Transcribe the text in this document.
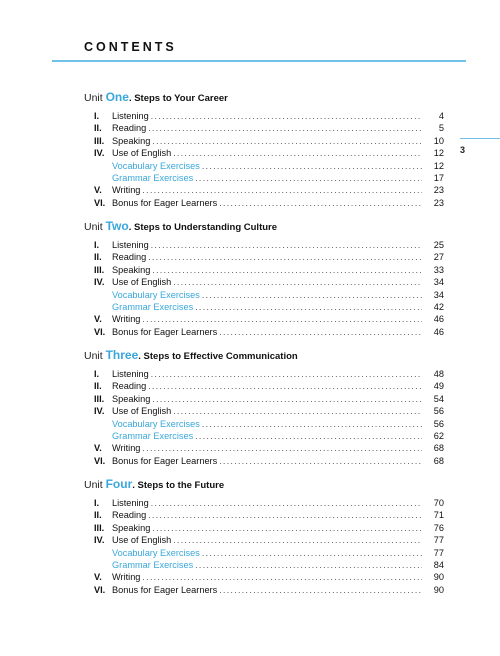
CONTENTS
3
Unit One. Steps to Your Career
I.	Listening .....	4
II.	Reading .....	5
III. Speaking .....	10
IV. Use of English .....	12
Vocabulary Exercises .....	12
Grammar Exercises .....	17
V.	Writing .....	23
VI. Bonus for Eager Learners .....	23
Unit Two. Steps to Understanding Culture
I.	Listening .....	25
II.	Reading .....	27
III. Speaking .....	33
IV. Use of English .....	34
Vocabulary Exercises .....	34
Grammar Exercises .....	42
V.	Writing .....	46
VI. Bonus for Eager Learners .....	46
Unit Three. Steps to Effective Communication
I.	Listening .....	48
II.	Reading .....	49
III. Speaking .....	54
IV. Use of English .....	56
Vocabulary Exercises .....	56
Grammar Exercises .....	62
V.	Writing .....	68
VI. Bonus for Eager Learners .....	68
Unit Four. Steps to the Future
I.	Listening .....	70
II.	Reading .....	71
III. Speaking .....	76
IV. Use of English .....	77
Vocabulary Exercises .....	77
Grammar Exercises .....	84
V.	Writing .....	90
VI. Bonus for Eager Learners .....	90
